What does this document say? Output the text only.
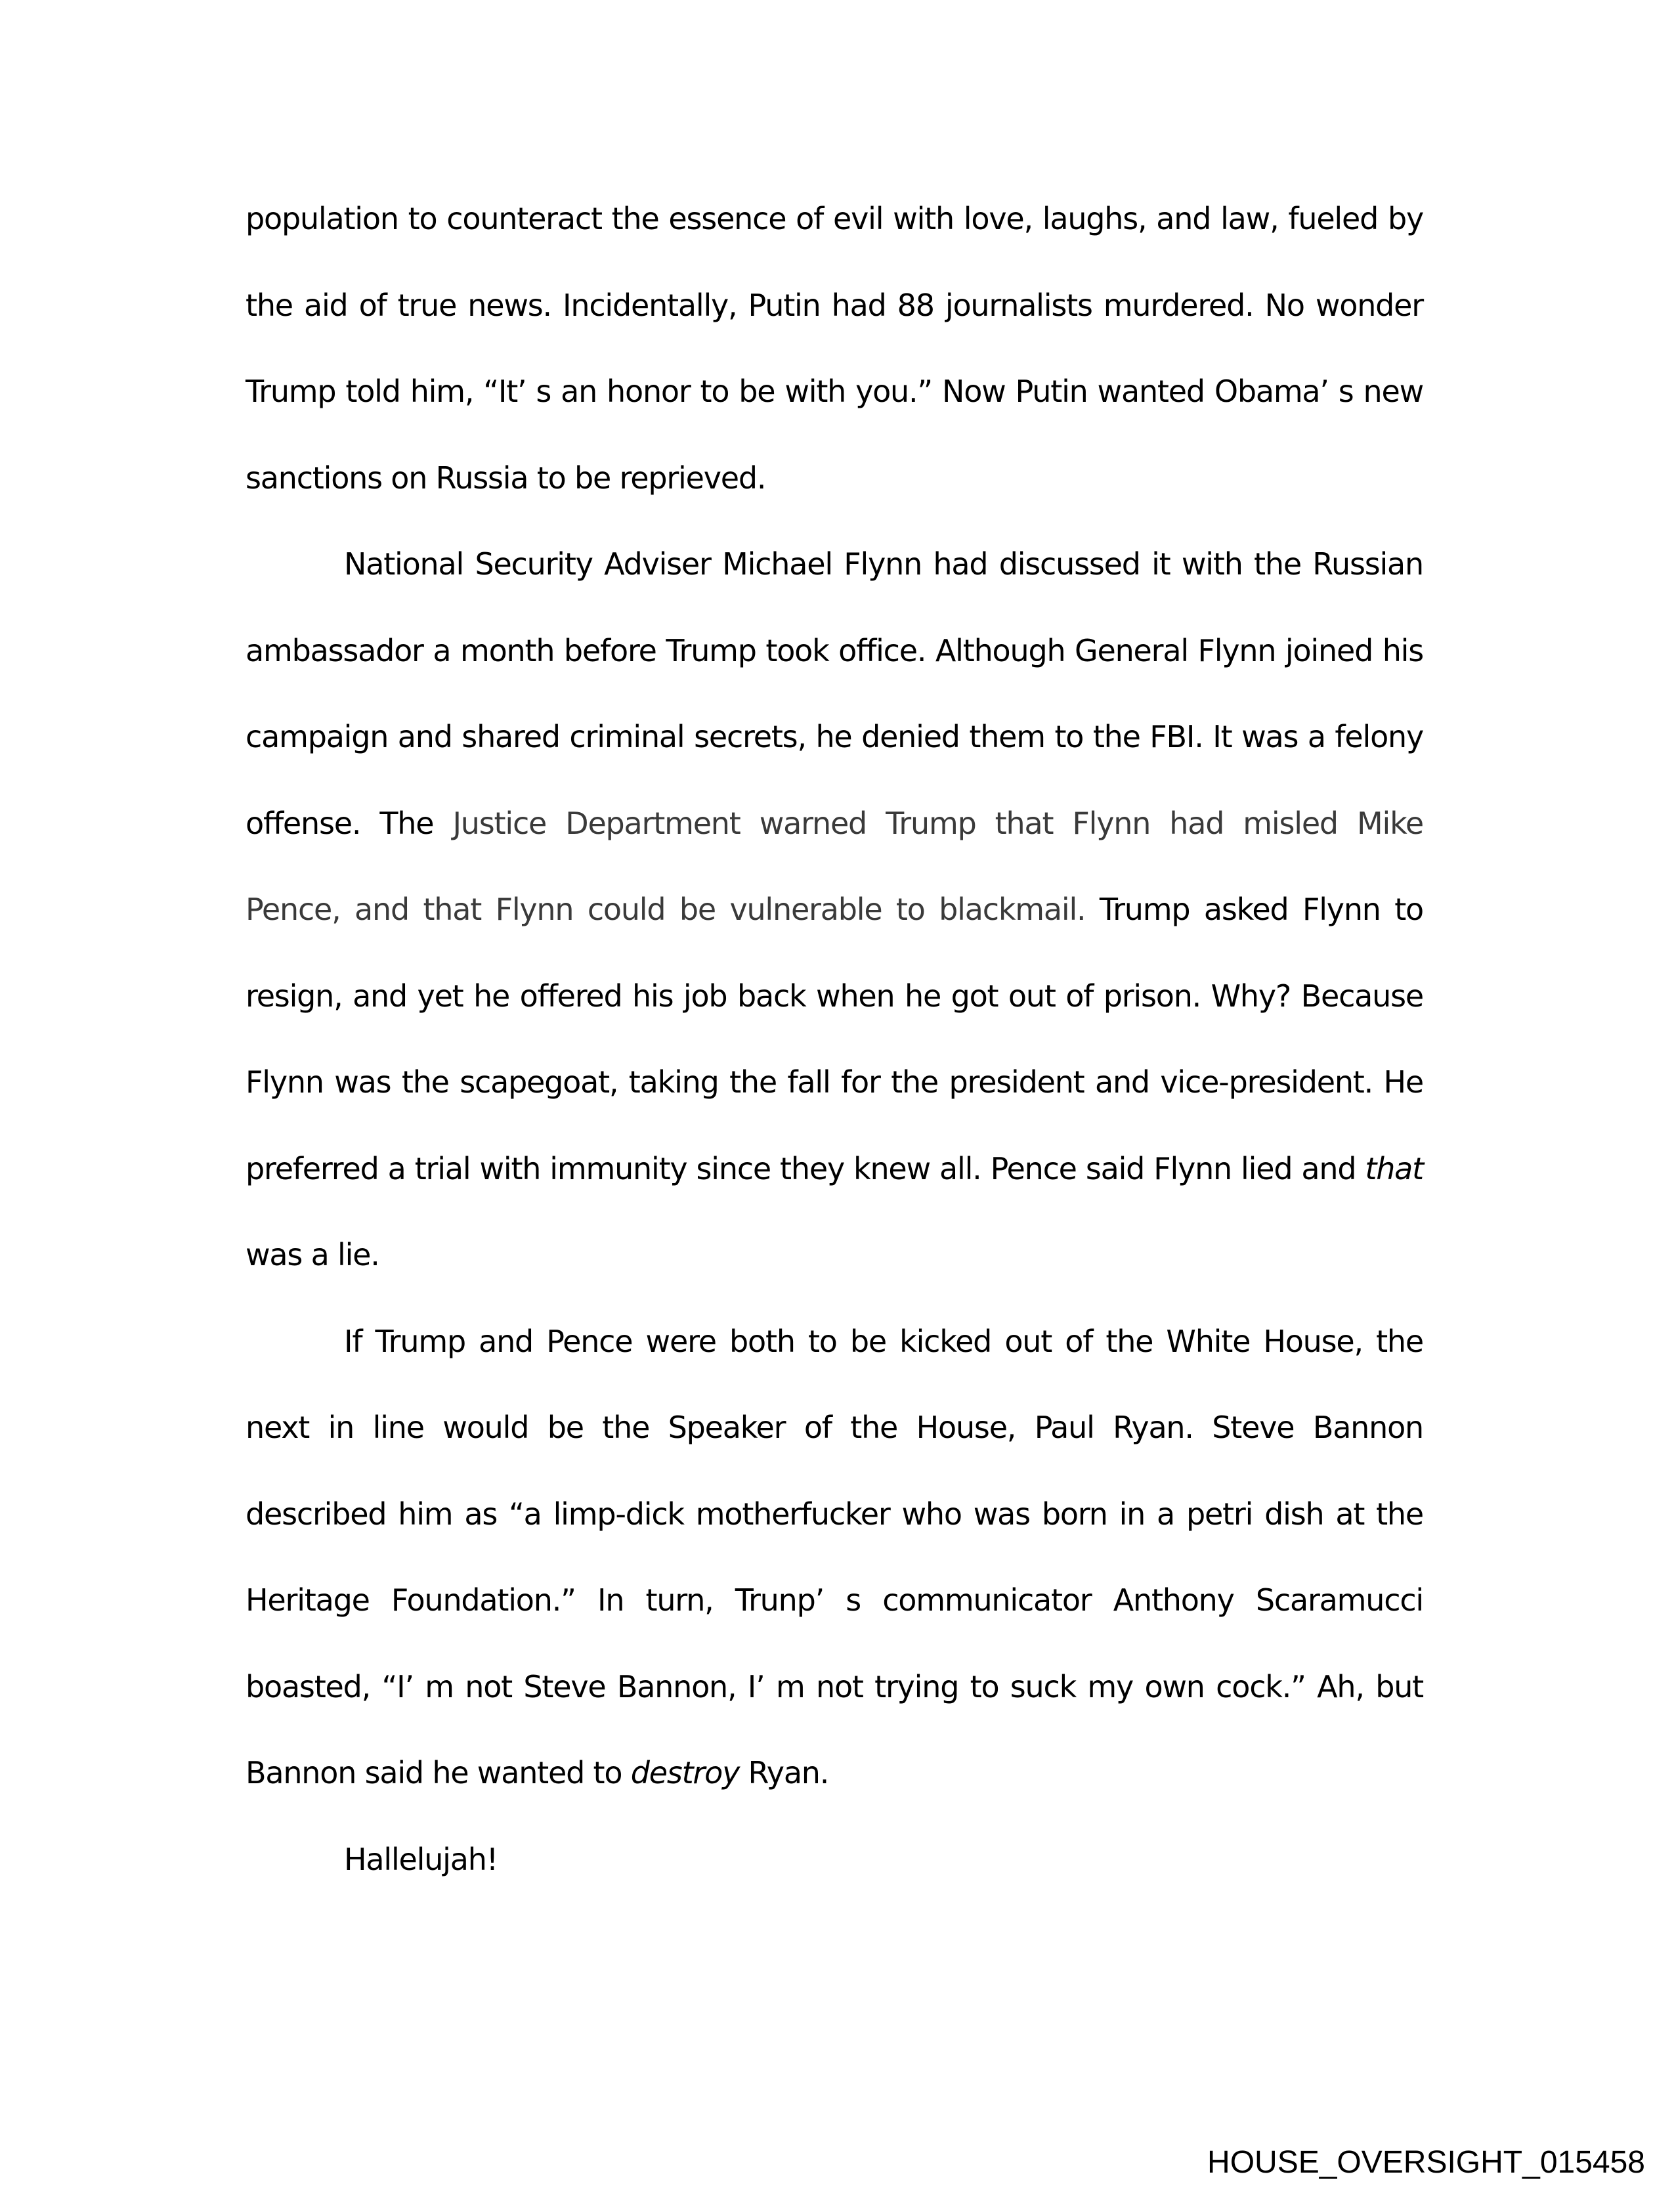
population to counteract the essence of evil with love, laughs, and law, fueled by the aid of true news. Incidentally, Putin had 88 journalists murdered. No wonder Trump told him, “It’ s an honor to be with you.” Now Putin wanted Obama’ s new sanctions on Russia to be reprieved.

National Security Adviser Michael Flynn had discussed it with the Russian ambassador a month before Trump took office. Although General Flynn joined his campaign and shared criminal secrets, he denied them to the FBI. It was a felony offense. The Justice Department warned Trump that Flynn had misled Mike Pence, and that Flynn could be vulnerable to blackmail. Trump asked Flynn to resign, and yet he offered his job back when he got out of prison. Why? Because Flynn was the scapegoat, taking the fall for the president and vice-president. He preferred a trial with immunity since they knew all. Pence said Flynn lied and that was a lie.

If Trump and Pence were both to be kicked out of the White House, the next in line would be the Speaker of the House, Paul Ryan. Steve Bannon described him as “a limp-dick motherfucker who was born in a petri dish at the Heritage Foundation.” In turn, Trunp’ s communicator Anthony Scaramucci boasted, “I’ m not Steve Bannon, I’ m not trying to suck my own cock.” Ah, but Bannon said he wanted to destroy Ryan.

Hallelujah!

HOUSE_OVERSIGHT_015458
